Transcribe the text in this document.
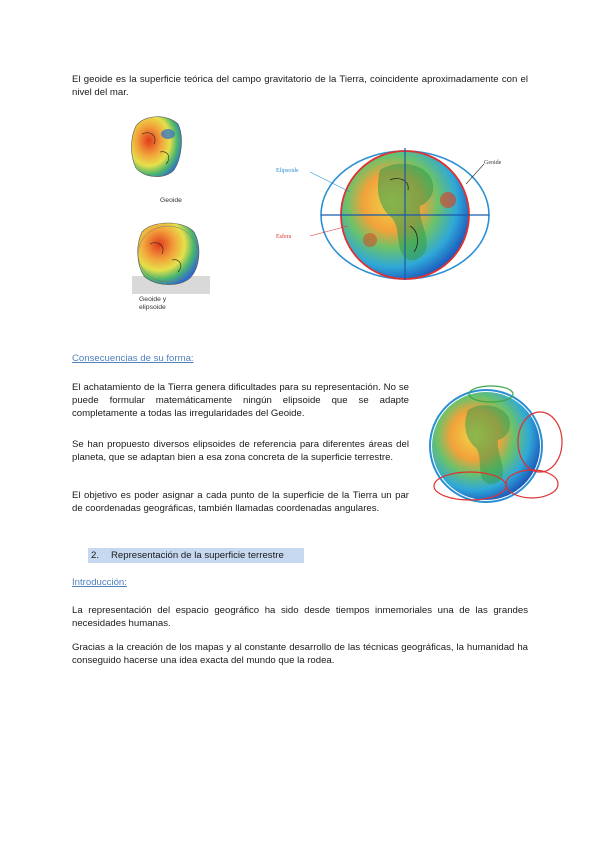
El geoide es la superficie teórica del campo gravitatorio de la Tierra, coincidente aproximadamente con el nivel del mar.

Geoide
Geoide y
elipsoide
Elipsoide
Geoide
Esfera
Consecuencias de su forma:

El achatamiento de la Tierra genera dificultades para su representación. No se puede formular matemáticamente ningún elipsoide que se adapte completamente a todas las irregularidades del Geoide.

Se han propuesto diversos elipsoides de referencia para diferentes áreas del planeta, que se adaptan bien a esa zona concreta de la superficie terrestre.

El objetivo es poder asignar a cada punto de la superficie de la Tierra un par de coordenadas geográficas, también llamadas coordenadas angulares.

2. Representación de la superficie terrestre
Introducción:

La representación del espacio geográfico ha sido desde tiempos inmemoriales una de las grandes necesidades humanas.

Gracias a la creación de los mapas y al constante desarrollo de las técnicas geográficas, la humanidad ha conseguido hacerse una idea exacta del mundo que la rodea.
